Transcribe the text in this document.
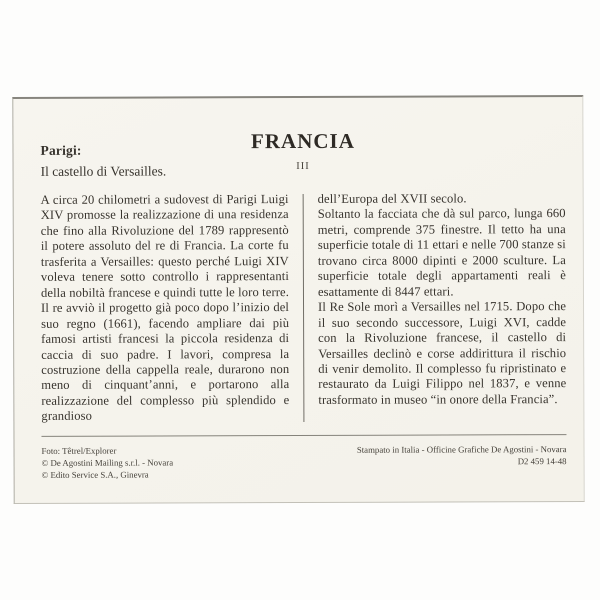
FRANCIA
III
Parigi:
Il castello di Versailles.

A circa 20 chilometri a sudovest di Parigi Luigi XIV promosse la realizzazione di una residenza che fino alla Rivoluzione del 1789 rappresentò il potere assoluto del re di Francia. La corte fu trasferita a Versailles: questo perché Luigi XIV voleva tenere sotto controllo i rappresentanti della nobiltà francese e quindi tutte le loro terre. Il re avviò il progetto già poco dopo l’inizio del suo regno (1661), facendo ampliare dai più famosi artisti francesi la piccola residenza di caccia di suo padre. I lavori, compresa la costruzione della cappella reale, durarono non meno di cinquant’anni, e portarono alla realizzazione del complesso più splendido e grandioso

dell’Europa del XVII secolo.

Soltanto la facciata che dà sul parco, lunga 660 metri, comprende 375 finestre. Il tetto ha una superficie totale di 11 ettari e nelle 700 stanze si trovano circa 8000 dipinti e 2000 sculture. La superficie totale degli appartamenti reali è esattamente di 8447 ettari.

Il Re Sole morì a Versailles nel 1715. Dopo che il suo secondo successore, Luigi XVI, cadde con la Rivoluzione francese, il castello di Versailles declinò e corse addirittura il rischio di venir demolito. Il complesso fu ripristinato e restaurato da Luigi Filippo nel 1837, e venne trasformato in museo “in onore della Francia”.

Foto: Têtrel/Explorer
© De Agostini Mailing s.r.l. - Novara
© Edito Service S.A., Ginevra
Stampato in Italia - Officine Grafiche De Agostini - Novara
D2 459 14-48
